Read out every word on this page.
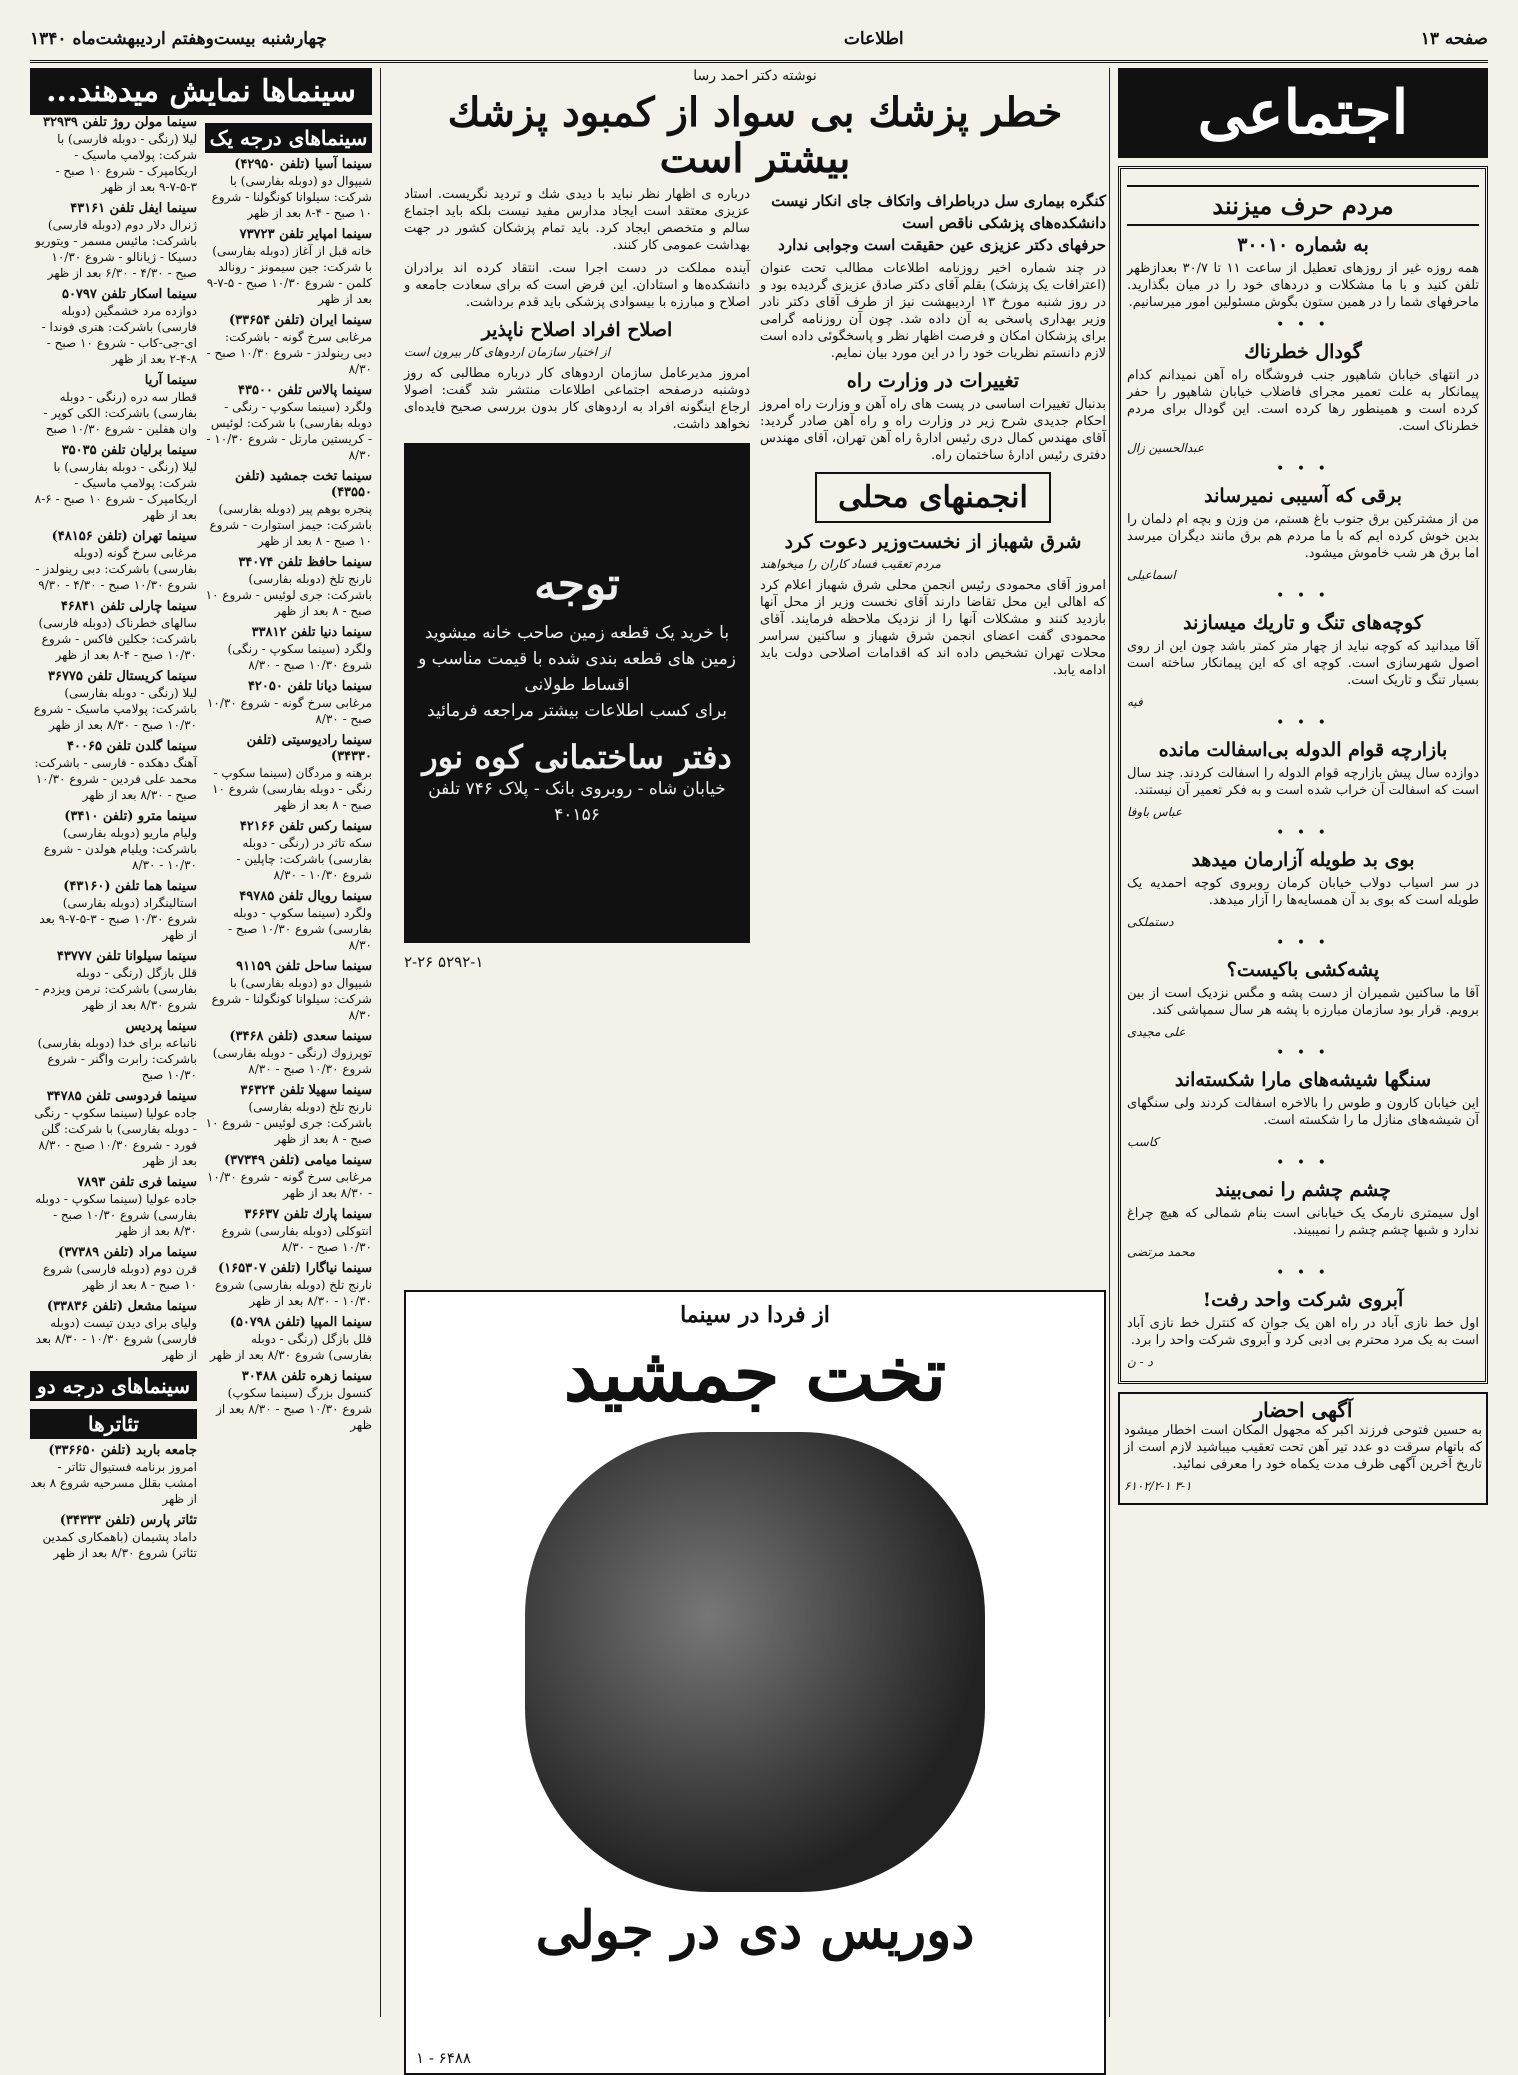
صفحه ۱۳
اطلاعات
چهارشنبه بیست‌وهفتم اردیبهشت‌ماه ۱۳۴۰
اجتماعی
مردم حرف میزنند
به شماره ۳۰۰۱۰

همه روزه غیر از روزهای تعطیل از ساعت ۱۱ تا ۳۰/۷ بعدازظهر تلفن کنید و با ما مشکلات و دردهای خود را در میان بگذارید. ماحرفهای شما را در همین ستون بگوش مسئولین امور میرسانیم.

• • •
گودال خطرناك

در انتهای خیابان شاهپور جنب فروشگاه راه آهن نمیدانم کدام پیمانکار به علت تعمیر مجرای فاضلاب خیابان شاهپور را حفر کرده است و همینطور رها کرده است. این گودال برای مردم خطرناک است.

عبدالحسین زال
• • •
برقی که آسیبی نمیرساند

من از مشترکین برق جنوب باغ هستم، من وزن و بچه ام دلمان را بدین خوش کرده ایم که با ما مردم هم برق مانند دیگران میرسد اما برق هر شب خاموش میشود.

اسماعیلی
• • •
کوچه‌های تنگ و تاریك میسازند

آقا میدانید که کوچه نباید از چهار متر کمتر باشد چون این از روی اصول شهرسازی است. کوچه ای که این پیمانکار ساخته است بسیار تنگ و تاریک است.

فیه
• • •
بازارچه قوام الدوله بی‌اسفالت مانده

دوازده سال پیش بازارچه قوام الدوله را اسفالت کردند. چند سال است که اسفالت آن خراب شده است و به فکر تعمیر آن نیستند.

عباس باوفا
• • •
بوی بد طویله آزارمان میدهد

در سر اسیاب دولاب خیابان کرمان روبروی کوچه احمدیه یک طویله است که بوی بد آن همسایه‌ها را آزار میدهد.

دستملکی
• • •
پشه‌کشی باکیست؟

آقا ما ساکنین شمیران از دست پشه و مگس نزدیک است از بین برویم. قرار بود سازمان مبارزه با پشه هر سال سمپاشی کند.

علی مجیدی
• • •
سنگها شیشه‌های مارا شکسته‌اند

این خیابان کارون و طوس را بالاخره اسفالت کردند ولی سنگهای آن شیشه‌های منازل ما را شکسته است.

کاسب
• • •
چشم چشم را نمی‌بیند

اول سیمتری نارمک یک خیابانی است بنام شمالی که هیچ چراغ ندارد و شبها چشم چشم را نمیبیند.

محمد مرتضی
• • •
آبروی شرکت واحد رفت!

اول خط نازی آباد در راه اهن یک جوان که کنترل خط نازی آباد است به یک مرد محترم بی ادبی کرد و آبروی شرکت واحد را برد.

د - ن
آگهی احضار

به حسین فتوحی فرزند اکبر که مجهول المکان است اخطار میشود که باتهام سرقت دو عدد تیر آهن تحت تعقیب میباشید لازم است از تاریخ آخرین آگهی ظرف مدت یکماه خود را معرفی نمائید.

۳-۱ ۶۱۰۲/۲-۱
نوشته دکتر احمد رسا
خطر پزشك بی سواد از کمبود پزشك بیشتر است
کنگره بیماری سل درباطراف واتکاف جای انکار نیست
دانشکده‌های پزشکی ناقص است
حرفهای دکتر عزیزی عین حقیقت است وجوابی ندارد

در چند شماره اخیر روزنامه اطلاعات مطالب تحت عنوان (اعترافات یک پزشک) بقلم آقای دکتر صادق عزیزی گردیده بود و در روز شنبه مورخ ۱۳ اردیبهشت نیز از طرف آقای دکتر نادر وزیر بهداری پاسخی به آن داده شد. چون آن روزنامه گرامی برای پزشکان امکان و فرصت اظهار نظر و پاسخگوئی داده است لازم دانستم نظریات خود را در این مورد بیان نمایم.

تغییرات در وزارت راه

بدنبال تغییرات اساسی در پست های راه آهن و وزارت راه امروز احکام جدیدی شرح زیر در وزارت راه و راه آهن صادر گردید: آقای مهندس کمال دری رئیس ادارۀ راه آهن تهران، آقای مهندس دفتری رئیس ادارۀ ساختمان راه.

انجمنهای محلی
شرق شهباز از نخست‌وزیر دعوت کرد
مردم تعقیب فساد کاران را میخواهند

امروز آقای محمودی رئیس انجمن محلی شرق شهباز اعلام کرد که اهالی این محل تقاضا دارند آقای نخست وزیر از محل آنها بازدید کنند و مشکلات آنها را از نزدیک ملاحظه فرمایند. آقای محمودی گفت اعضای انجمن شرق شهباز و ساکنین سراسر محلات تهران تشخیص داده اند که اقدامات اصلاحی دولت باید ادامه یابد.

درباره ی اظهار نظر نباید با دیدی شك و تردید نگریست. استاد عزیزی معتقد است ایجاد مدارس مفید نیست بلکه باید اجتماع سالم و متخصص ایجاد کرد. باید تمام پزشکان کشور در جهت بهداشت عمومی کار کنند.

آینده مملکت در دست اجرا ست. انتقاد کرده اند برادران دانشکده‌ها و استادان. این فرض است که برای سعادت جامعه و اصلاح و مبارزه با بیسوادی پزشکی باید قدم برداشت.

اصلاح افراد اصلاح ناپذیر
از اختیار سازمان اردوهای کار بیرون است

امروز مدیرعامل سازمان اردوهای کار درباره مطالبی که روز دوشنبه درصفحه اجتماعی اطلاعات منتشر شد گفت: اصولا ارجاع اینگونه افراد به اردوهای کار بدون بررسی صحیح فایده‌ای نخواهد داشت.

توجه
با خرید یک قطعه زمین صاحب خانه میشوید
زمین های قطعه بندی شده با قیمت مناسب و اقساط طولانی
برای کسب اطلاعات بیشتر مراجعه فرمائید
دفتر ساختمانی کوه نور
خیابان شاه - روبروی بانک - پلاک ۷۴۶ تلفن ۴۰۱۵۶
۵۲۹۲-۱ ۲-۲۶
از فردا در سینما
تخت جمشید
دوریس دی در جولی
۶۴۸۸ - ۱
سینماها نمایش میدهند...
سینماهای درجه یک
سینما آسیا (تلفن ۴۲۹۵۰)
شیپوال دو (دوبله بفارسی) با شرکت: سیلوانا کونگولنا - شروع ۱۰ صبح - ۴-۸ بعد از ظهر
سینما امپایر تلفن ۷۳۷۲۳
خانه قبل از آغاز (دوبله بفارسی) با شرکت: جین سیمونز - رونالد کلمن - شروع ۱۰/۳۰ صبح - ۵-۷-۹ بعد از ظهر
سینما ایران (تلفن ۳۳۶۵۴)
مرغابی سرخ گونه - باشرکت: دبی رینولدز - شروع ۱۰/۳۰ صبح - ۸/۳۰
سینما پالاس تلفن ۴۳۵۰۰
ولگرد (سینما سکوپ - رنگی - دوبله بفارسی) با شرکت: لوئیس - کریستین مارتل - شروع ۱۰/۳۰ - ۸/۳۰
سینما تخت جمشید (تلفن ۴۳۵۵۰)
پنجره بوهم پیر (دوبله بفارسی) باشرکت: جیمز استوارت - شروع ۱۰ صبح - ۸ بعد از ظهر
سینما حافظ تلفن ۳۴۰۷۴
نارنج تلخ (دوبله بفارسی) باشرکت: جری لوئیس - شروع ۱۰ صبح - ۸ بعد از ظهر
سینما دنیا تلفن ۳۳۸۱۲
ولگرد (سینما سکوپ - رنگی) شروع ۱۰/۳۰ صبح - ۸/۳۰
سینما دیانا تلفن ۴۲۰۵۰
مرغابی سرخ گونه - شروع ۱۰/۳۰ صبح - ۸/۳۰
سینما رادیوسیتی (تلفن ۳۴۳۳۰)
برهنه و مردگان (سینما سکوپ - رنگی - دوبله بفارسی) شروع ۱۰ صبح - ۸ بعد از ظهر
سینما رکس تلفن ۴۲۱۶۶
سکه تاثر در (رنگی - دوبله بفارسی) باشرکت: چاپلین - شروع ۱۰/۳۰ - ۸/۳۰
سینما رویال تلفن ۴۹۷۸۵
ولگرد (سینما سکوپ - دوبله بفارسی) شروع ۱۰/۳۰ صبح - ۸/۳۰
سینما ساحل تلفن ۹۱۱۵۹
شیپوال دو (دوبله بفارسی) با شرکت: سیلوانا کونگولنا - شروع ۸/۳۰
سینما سعدی (تلفن ۳۴۶۸)
توپرزوك (رنگی - دوبله بفارسی) شروع ۱۰/۳۰ صبح - ۸/۳۰
سینما سهیلا تلفن ۳۶۳۲۴
نارنج تلخ (دوبله بفارسی) باشرکت: جری لوئیس - شروع ۱۰ صبح - ۸ بعد از ظهر
سینما میامی (تلفن ۳۷۳۴۹)
مرغابی سرخ گونه - شروع ۱۰/۳۰ - ۸/۳۰ بعد از ظهر
سینما پارك تلفن ۳۶۶۳۷
انتوکلی (دوبله بفارسی) شروع ۱۰/۳۰ صبح - ۸/۳۰
سینما نیاگارا (تلفن ۱۶۵۳۰۷)
نارنج تلخ (دوبله بفارسی) شروع ۱۰/۳۰ - ۸/۳۰ بعد از ظهر
سینما المپیا (تلفن ۵۰۷۹۸)
قلل بازگل (رنگی - دوبله بفارسی) شروع ۸/۳۰ بعد از ظهر
سینما زهره تلفن ۳۰۴۸۸
کنسول بزرگ (سینما سکوپ) شروع ۱۰/۳۰ صبح - ۸/۳۰ بعد از ظهر
سینما مولن روژ تلفن ۳۲۹۳۹
لیلا (رنگی - دوبله فارسی) با شرکت: پولامپ ماسیک - اریکامپرک - شروع ۱۰ صبح - ۳-۵-۷-۹ بعد از ظهر
سینما ایفل تلفن ۴۳۱۶۱
ژنرال دلار دوم (دوبله فارسی) باشرکت: مائیس مسمر - ویتوریو دسیکا - ژیانالو - شروع ۱۰/۳۰ صبح - ۴/۳۰ - ۶/۳۰ بعد از ظهر
سینما اسکار تلفن ۵۰۷۹۷
دوازده مرد خشمگین (دوبله فارسی) باشرکت: هنری فوندا - ای-جی-کاب - شروع ۱۰ صبح - ۸-۴-۲ بعد از ظهر
سینما آریا
قطار سه دره (رنگی - دوبله بفارسی) باشرکت: الکی کوپر - وان هفلین - شروع ۱۰/۳۰ صبح
سینما برلیان تلفن ۳۵۰۳۵
لیلا (رنگی - دوبله بفارسی) با شرکت: پولامپ ماسیک - اریکامپرک - شروع ۱۰ صبح - ۶-۸ بعد از ظهر
سینما تهران (تلفن ۴۸۱۵۶)
مرغابی سرخ گونه (دوبله بفارسی) باشرکت: دبی رینولدز - شروع ۱۰/۳۰ صبح - ۴/۳۰ - ۹/۳۰
سینما چارلی تلفن ۴۶۸۴۱
سالهای خطرناک (دوبله فارسی) باشرکت: جکلین فاکس - شروع ۱۰/۳۰ صبح - ۴-۸ بعد از ظهر
سینما کریستال تلفن ۳۶۷۷۵
لیلا (رنگی - دوبله بفارسی) باشرکت: پولامپ ماسیک - شروع ۱۰/۳۰ صبح - ۸/۳۰ بعد از ظهر
سینما گلدن تلفن ۴۰۰۶۵
آهنگ دهکده - فارسی - باشرکت: محمد علی فردین - شروع ۱۰/۳۰ صبح - ۸/۳۰ بعد از ظهر
سینما مترو (تلفن ۳۴۱۰)
ولیام ماریو (دوبله بفارسی) باشرکت: ویلیام هولدن - شروع ۱۰/۳۰ - ۸/۳۰
سینما هما تلفن (۴۳۱۶۰)
استالینگراد (دوبله بفارسی) شروع ۱۰/۳۰ صبح - ۳-۵-۷-۹ بعد از ظهر
سینما سیلوانا تلفن ۴۳۷۷۷
قلل بازگل (رنگی - دوبله بفارسی) باشرکت: نرمن ویزدم - شروع ۸/۳۰ بعد از ظهر
سینما پردیس
نانباعه برای خدا (دوبله بفارسی) باشرکت: رابرت واگنر - شروع ۱۰/۳۰ صبح
سینما فردوسی تلفن ۳۴۷۸۵
جاده عولیا (سینما سکوپ - رنگی - دوبله بفارسی) با شرکت: گلن فورد - شروع ۱۰/۳۰ صبح - ۸/۳۰ بعد از ظهر
سینما فری تلفن ۷۸۹۳
جاده عولیا (سینما سکوپ - دوبله بفارسی) شروع ۱۰/۳۰ صبح - ۸/۳۰ بعد از ظهر
سینما مراد (تلفن ۳۷۳۸۹)
قرن دوم (دوبله فارسی) شروع ۱۰ صبح - ۸ بعد از ظهر
سینما مشعل (تلفن ۳۳۸۳۶)
ولیای برای دیدن تیست (دوبله فارسی) شروع ۱۰/۳۰ - ۸/۳۰ بعد از ظهر
سینماهای درجه دو
تئاترها
جامعه باربد (تلفن ۳۳۶۶۵۰)
امروز برنامه فستیوال تئاتر - امشب بقلل مسرحیه شروع ۸ بعد از ظهر
تئاتر پارس (تلفن ۳۴۳۳۳)
داماد پشیمان (باهمکاری کمدین تئاتر) شروع ۸/۳۰ بعد از ظهر
